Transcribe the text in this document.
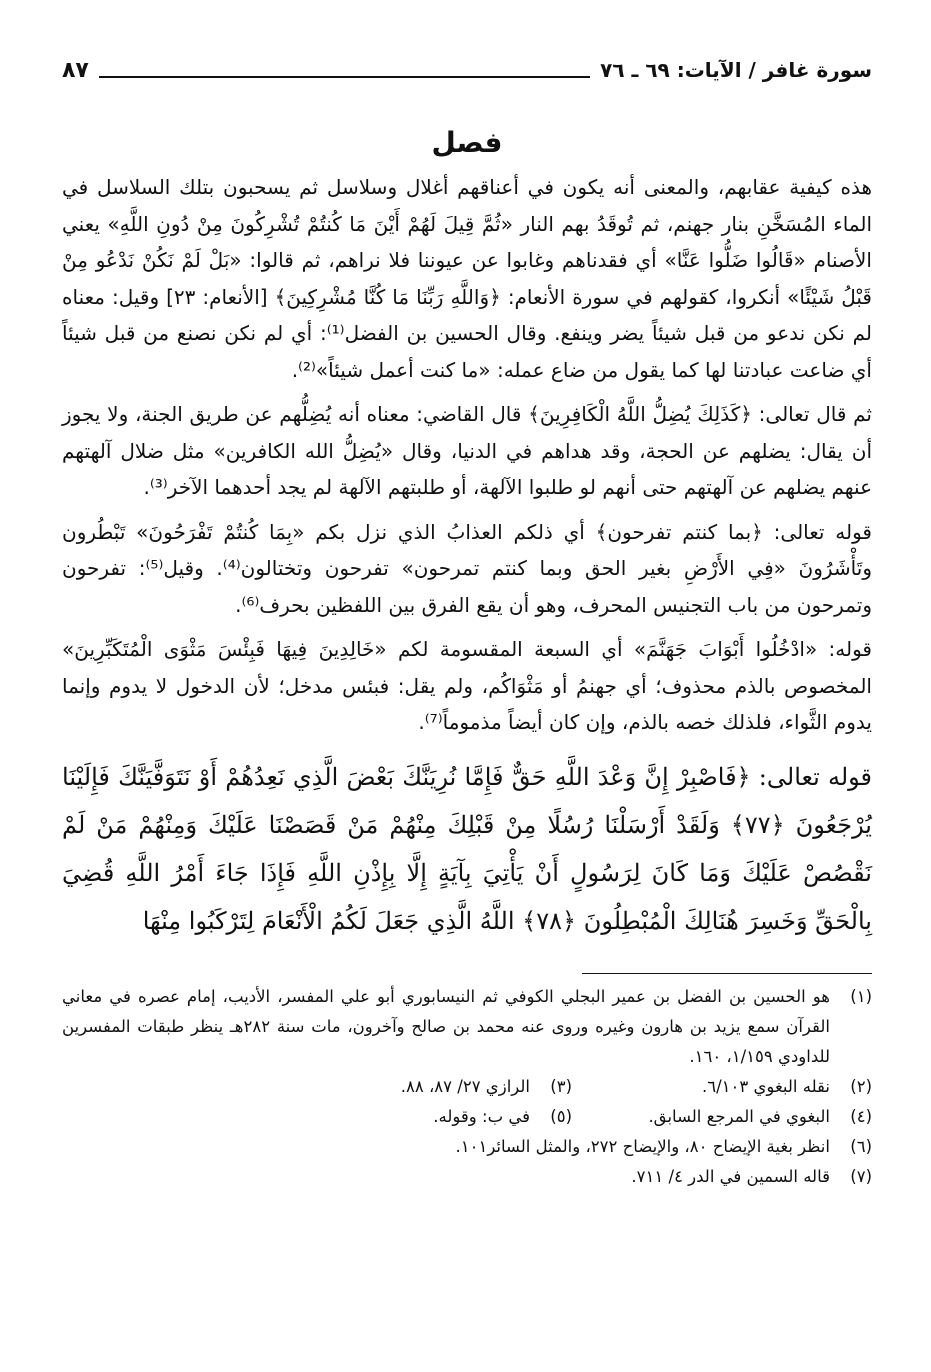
سورة غافر / الآيات: ٦٩ ـ ٧٦
٨٧
فصل

هذه كيفية عقابهم، والمعنى أنه يكون في أعناقهم أغلال وسلاسل ثم يسحبون بتلك السلاسل في الماء المُسَخَّنِ بنار جهنم، ثم تُوقَدُ بهم النار «ثُمَّ قِيلَ لَهُمْ أَيْنَ مَا كُنتُمْ تُشْرِكُونَ مِنْ دُونِ اللَّهِ» يعني الأصنام «قَالُوا ضَلُّوا عَنَّا» أي فقدناهم وغابوا عن عيوننا فلا نراهم، ثم قالوا: «بَلْ لَمْ نَكُنْ نَدْعُو مِنْ قَبْلُ شَيْئًا» أنكروا، كقولهم في سورة الأنعام: ﴿وَاللَّهِ رَبِّنَا مَا كُنَّا مُشْرِكِينَ﴾ [الأنعام: ٢٣] وقيل: معناه لم نكن ندعو من قبل شيئاً يضر وينفع. وقال الحسين بن الفضل⁽¹⁾: أي لم نكن نصنع من قبل شيئاً أي ضاعت عبادتنا لها كما يقول من ضاع عمله: «ما كنت أعمل شيئاً»⁽²⁾.

ثم قال تعالى: ﴿كَذَلِكَ يُضِلُّ اللَّهُ الْكَافِرِينَ﴾ قال القاضي: معناه أنه يُضِلُّهم عن طريق الجنة، ولا يجوز أن يقال: يضلهم عن الحجة، وقد هداهم في الدنيا، وقال «يُضِلُّ الله الكافرين» مثل ضلال آلهتهم عنهم يضلهم عن آلهتهم حتى أنهم لو طلبوا الآلهة، أو طلبتهم الآلهة لم يجد أحدهما الآخر⁽³⁾.

قوله تعالى: ﴿بما كنتم تفرحون﴾ أي ذلكم العذابُ الذي نزل بكم «بِمَا كُنتُمْ تَفْرَحُونَ» تَبْطُرون وتَأْشَرُونَ «فِي الأَرْضِ بغير الحق وبما كنتم تمرحون» تفرحون وتختالون⁽⁴⁾. وقيل⁽⁵⁾: تفرحون وتمرحون من باب التجنيس المحرف، وهو أن يقع الفرق بين اللفظين بحرف⁽⁶⁾.

قوله: «ادْخُلُوا أَبْوَابَ جَهَنَّمَ» أي السبعة المقسومة لكم «خَالِدِينَ فِيهَا فَبِئْسَ مَثْوَى الْمُتَكَبِّرِينَ» المخصوص بالذم محذوف؛ أي جهنمُ أو مَثْوَاكُم، ولم يقل: فبئس مدخل؛ لأن الدخول لا يدوم وإنما يدوم الثَّواء، فلذلك خصه بالذم، وإن كان أيضاً مذموماً⁽⁷⁾.

قوله تعالى: ﴿فَاصْبِرْ إِنَّ وَعْدَ اللَّهِ حَقٌّ فَإِمَّا نُرِيَنَّكَ بَعْضَ الَّذِي نَعِدُهُمْ أَوْ نَتَوَفَّيَنَّكَ فَإِلَيْنَا يُرْجَعُونَ ﴿٧٧﴾ وَلَقَدْ أَرْسَلْنَا رُسُلًا مِنْ قَبْلِكَ مِنْهُمْ مَنْ قَصَصْنَا عَلَيْكَ وَمِنْهُمْ مَنْ لَمْ نَقْصُصْ عَلَيْكَ وَمَا كَانَ لِرَسُولٍ أَنْ يَأْتِيَ بِآيَةٍ إِلَّا بِإِذْنِ اللَّهِ فَإِذَا جَاءَ أَمْرُ اللَّهِ قُضِيَ بِالْحَقِّ وَخَسِرَ هُنَالِكَ الْمُبْطِلُونَ ﴿٧٨﴾ اللَّهُ الَّذِي جَعَلَ لَكُمُ الْأَنْعَامَ لِتَرْكَبُوا مِنْهَا
(١)
هو الحسين بن الفضل بن عمير البجلي الكوفي ثم النيسابوري أبو علي المفسر، الأديب، إمام عصره في معاني القرآن سمع يزيد بن هارون وغيره وروى عنه محمد بن صالح وآخرون، مات سنة ٢٨٢هـ ينظر طبقات المفسرين للداودي ١/١٥٩، ١٦٠.
(٢)
نقله البغوي ٦/١٠٣.
(٣)
الرازي ٢٧/ ٨٧، ٨٨.
(٤)
البغوي في المرجع السابق.
(٥)
في ب: وقوله.
(٦)
انظر بغية الإيضاح ٨٠، والإيضاح ٢٧٢، والمثل السائر١٠١.
(٧)
قاله السمين في الدر ٤/ ٧١١.
